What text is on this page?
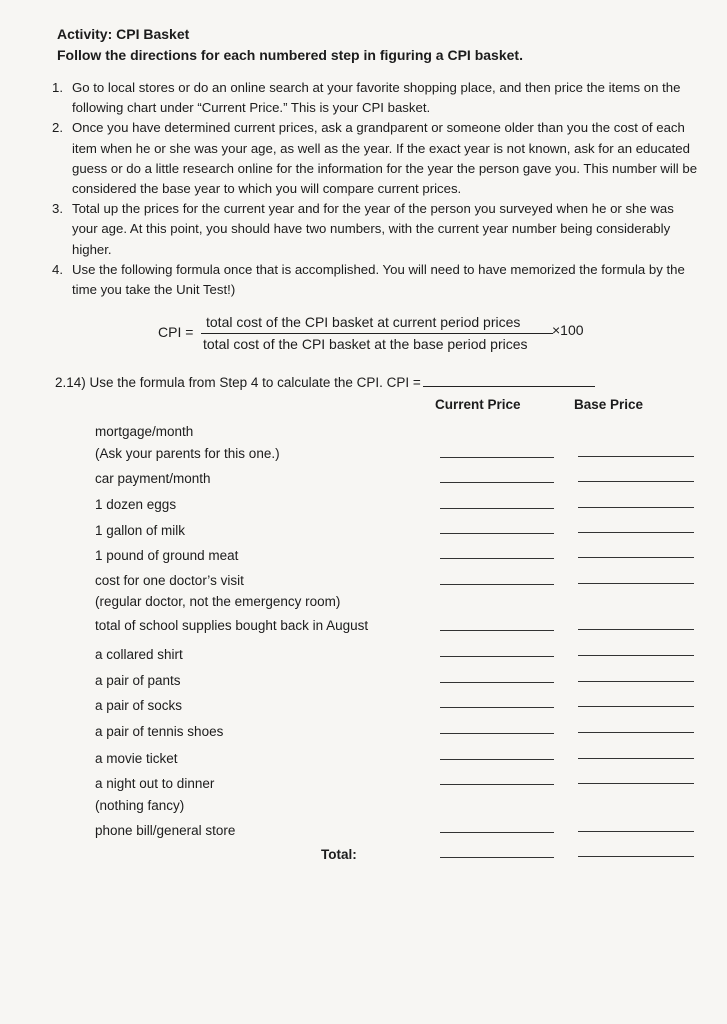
Activity: CPI Basket
Follow the directions for each numbered step in figuring a CPI basket.
1. Go to local stores or do an online search at your favorite shopping place, and then price the items on the following chart under “Current Price.” This is your CPI basket.
2. Once you have determined current prices, ask a grandparent or someone older than you the cost of each item when he or she was your age, as well as the year. If the exact year is not known, ask for an educated guess or do a little research online for the information for the year the person gave you. This number will be considered the base year to which you will compare current prices.
3. Total up the prices for the current year and for the year of the person you surveyed when he or she was your age. At this point, you should have two numbers, with the current year number being considerably higher.
4. Use the following formula once that is accomplished. You will need to have memorized the formula by the time you take the Unit Test!)
CPI =
total cost of the CPI basket at current period prices
total cost of the CPI basket at the base period prices
×100
2.14) Use the formula from Step 4 to calculate the CPI. CPI =
Current Price	Base Price
mortgage/month
(Ask your parents for this one.)
car payment/month
1 dozen eggs
1 gallon of milk
1 pound of ground meat
cost for one doctor’s visit
(regular doctor, not the emergency room)
total of school supplies bought back in August
a collared shirt
a pair of pants
a pair of socks
a pair of tennis shoes
a movie ticket
a night out to dinner
(nothing fancy)
phone bill/general store
Total:
